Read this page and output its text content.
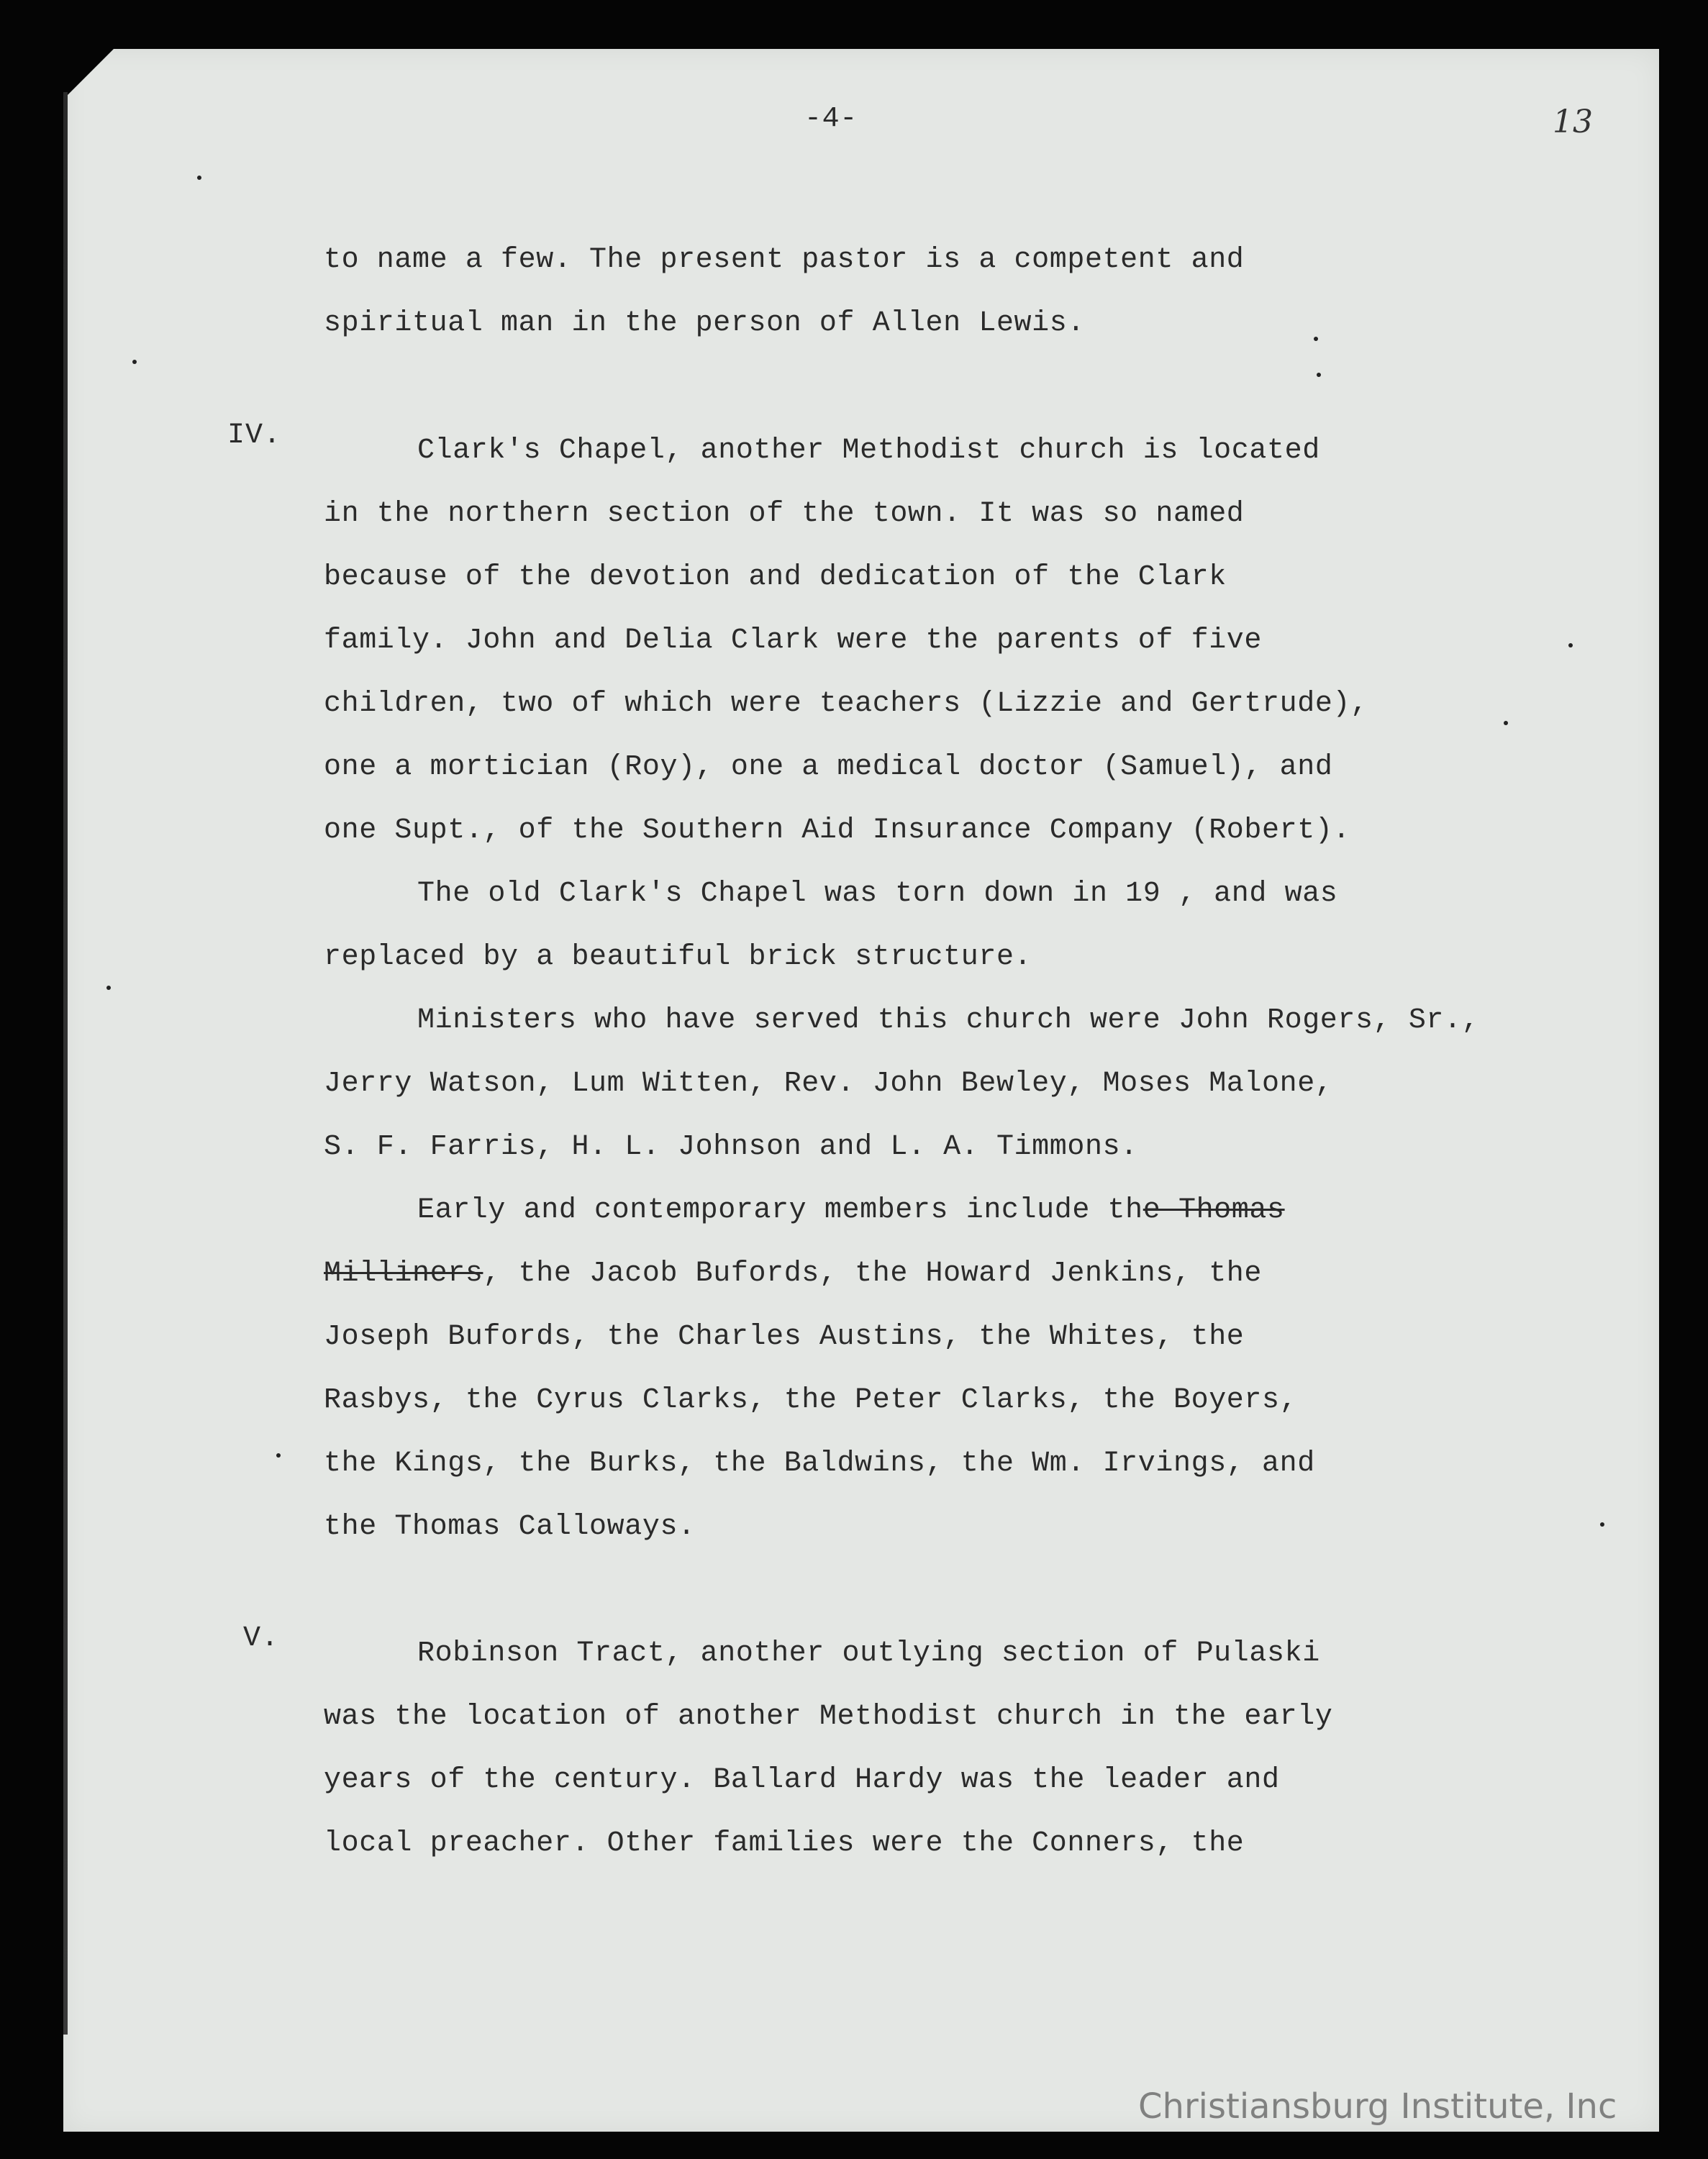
-4-	13
to name a few. The present pastor is a competent and
spiritual man in the person of Allen Lewis.
IV.	Clark's Chapel, another Methodist church is located
in the northern section of the town. It was so named
because of the devotion and dedication of the Clark
family. John and Delia Clark were the parents of five
children, two of which were teachers (Lizzie and Gertrude),
one a mortician (Roy), one a medical doctor (Samuel), and
one Supt., of the Southern Aid Insurance Company (Robert).
The old Clark's Chapel was torn down in 19 , and was
replaced by a beautiful brick structure.
Ministers who have served this church were John Rogers, Sr.,
Jerry Watson, Lum Witten, Rev. John Bewley, Moses Malone,
S. F. Farris, H. L. Johnson and L. A. Timmons.
Early and contemporary members include the Thomas
Milliners, the Jacob Bufords, the Howard Jenkins, the
Joseph Bufords, the Charles Austins, the Whites, the
Rasbys, the Cyrus Clarks, the Peter Clarks, the Boyers,
the Kings, the Burks, the Baldwins, the Wm. Irvings, and
the Thomas Calloways.
V.	Robinson Tract, another outlying section of Pulaski
was the location of another Methodist church in the early
years of the century. Ballard Hardy was the leader and
local preacher. Other families were the Conners, the
Christiansburg Institute, Inc
